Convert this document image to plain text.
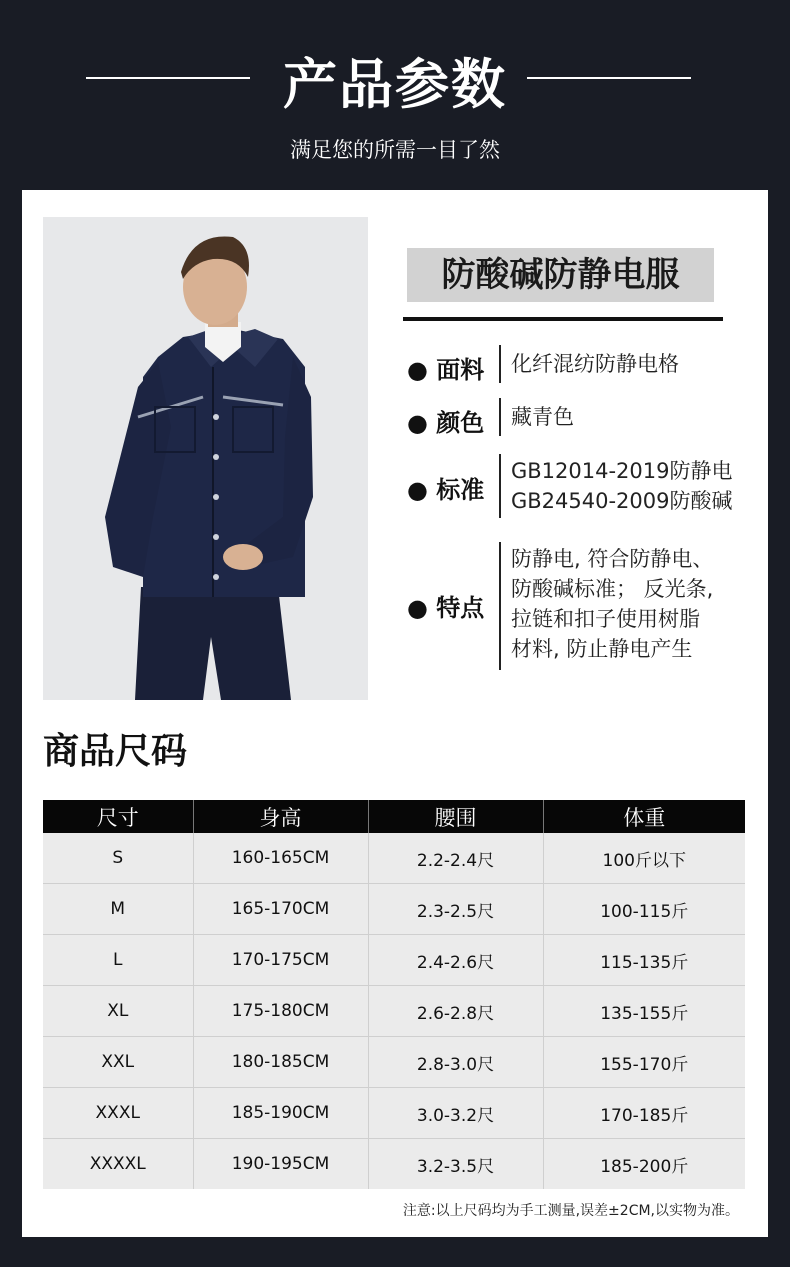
产品参数
满足您的所需一目了然
防酸碱防静电服
● 面料 化纤混纺防静电格
● 颜色 藏青色
● 标准
GB12014-2019防静电
GB24540-2009防酸碱
● 特点
防静电, 符合防静电、
防酸碱标准； 反光条,
拉链和扣子使用树脂
材料, 防止静电产生
商品尺码
尺寸	身高	腰围	体重
S	160-165CM	2.2-2.4尺	100斤以下
M	165-170CM	2.3-2.5尺	100-115斤
L	170-175CM	2.4-2.6尺	115-135斤
XL	175-180CM	2.6-2.8尺	135-155斤
XXL	180-185CM	2.8-3.0尺	155-170斤
XXXL	185-190CM	3.0-3.2尺	170-185斤
XXXXL	190-195CM	3.2-3.5尺	185-200斤
注意:以上尺码均为手工测量,误差±2CM,以实物为准。
